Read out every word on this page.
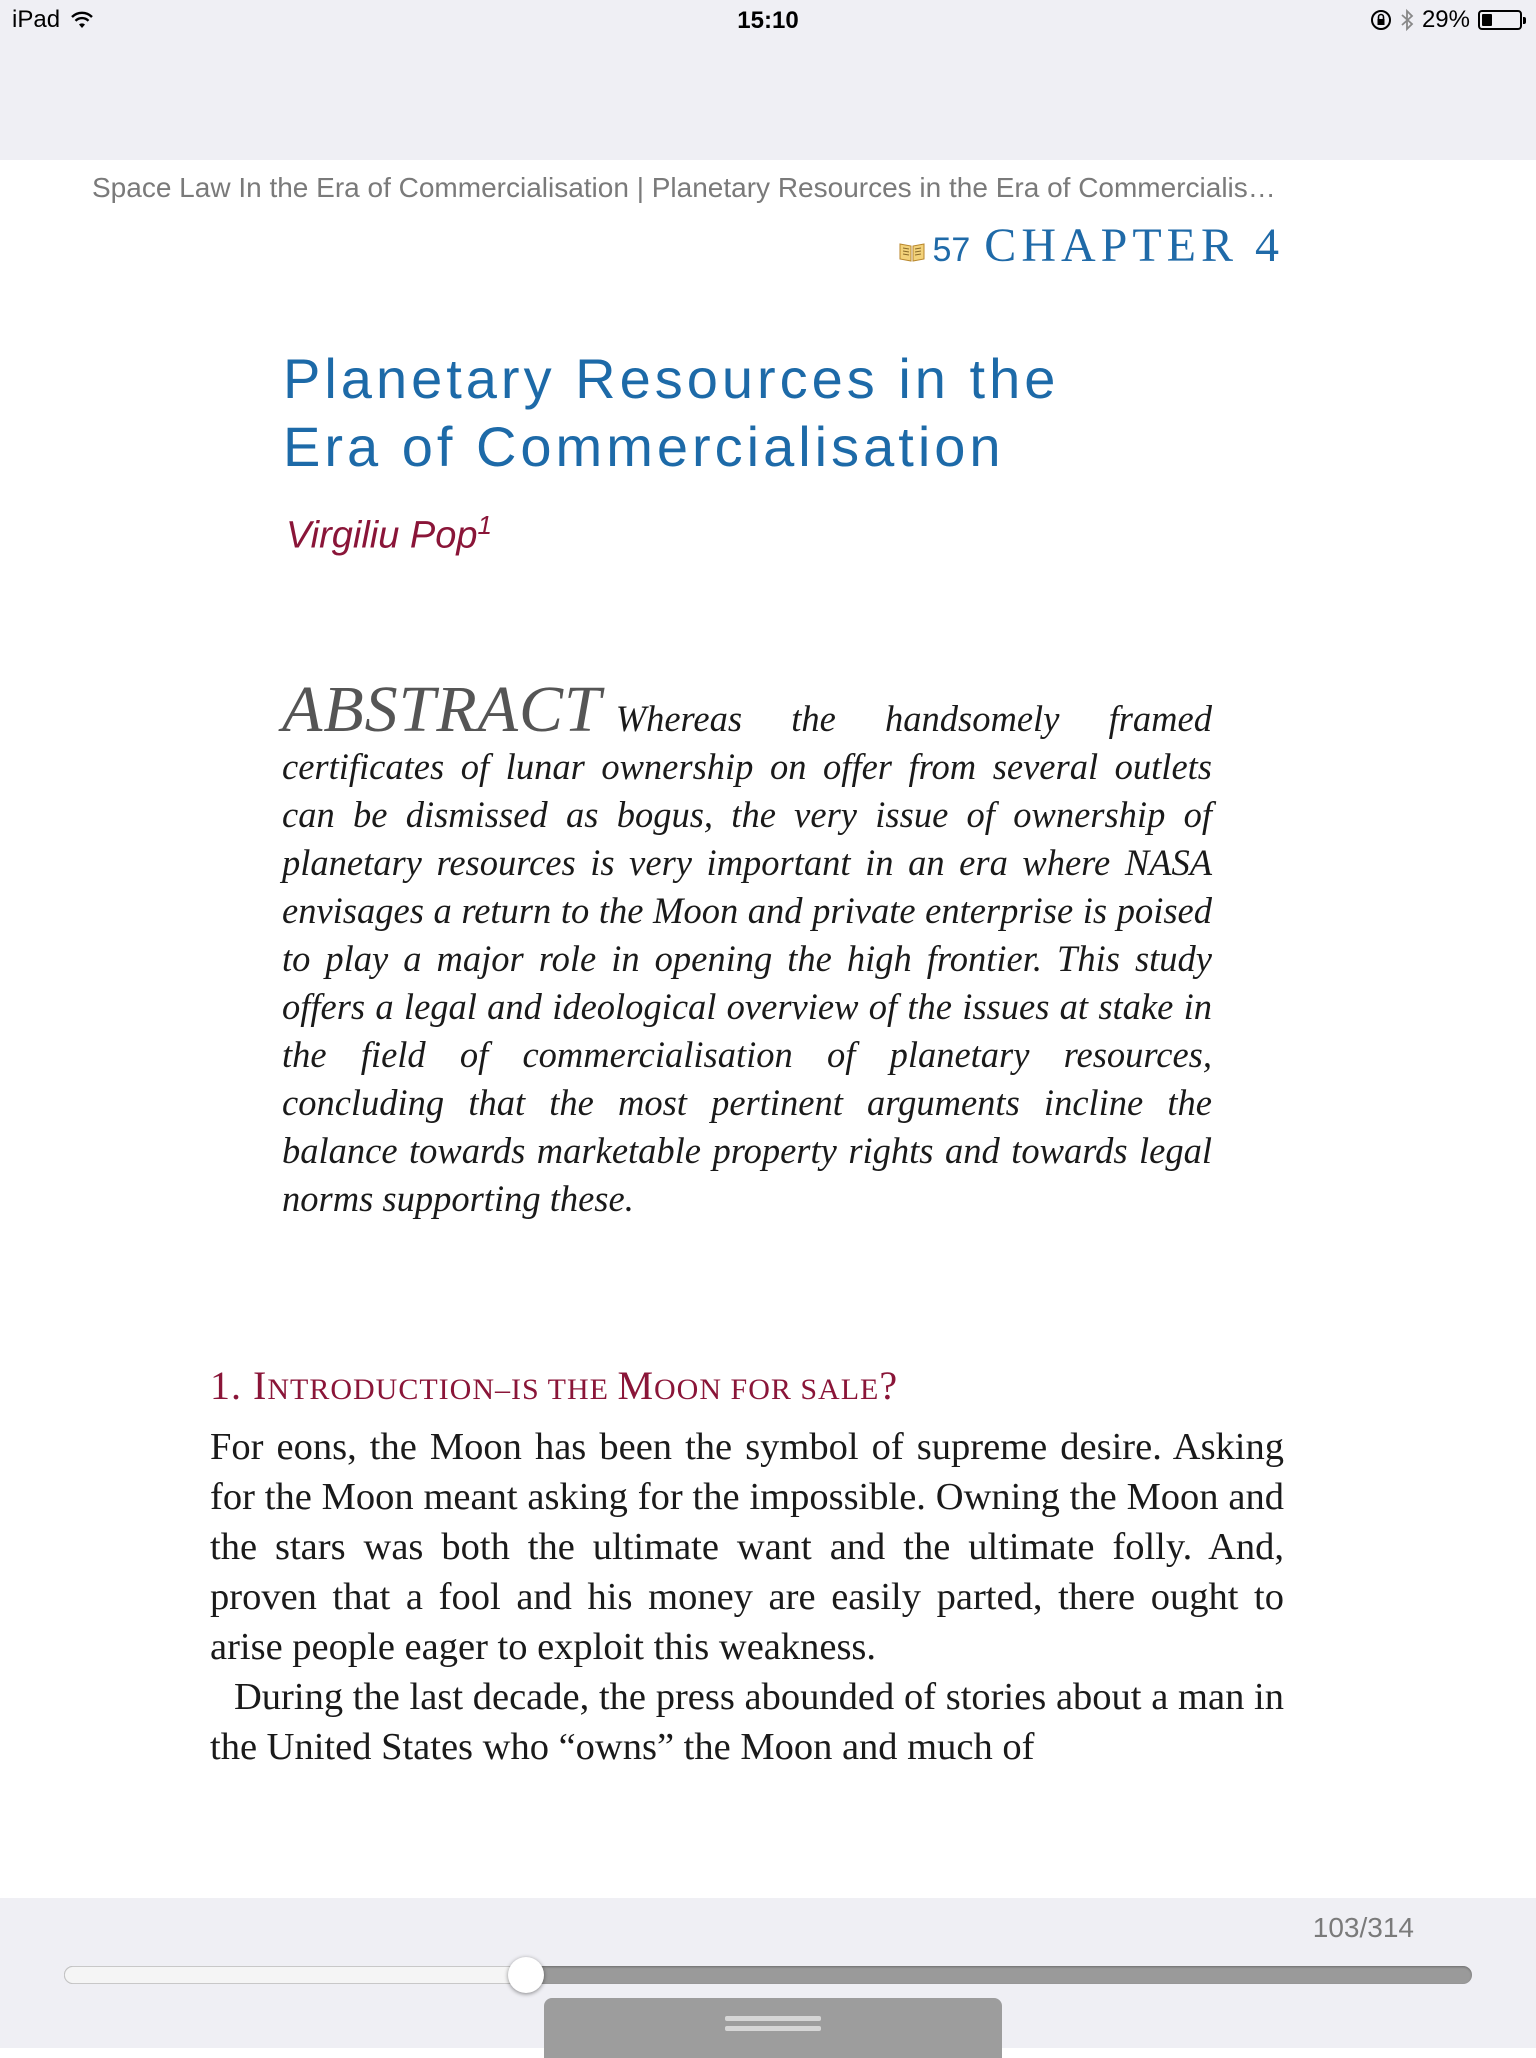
iPad	15:10	29%
Space Law In the Era of Commercialisation | Planetary Resources in the Era of Commercialis…
57 CHAPTER 4
Planetary Resources in the
Era of Commercialisation
Virgiliu Pop$^1$
ABSTRACT Whereas the handsomely framed certificates of lunar ownership on offer from several outlets can be dismissed as bogus, the very issue of ownership of planetary resources is very important in an era where NASA envisages a return to the Moon and private enterprise is poised to play a major role in opening the high frontier. This study offers a legal and ideological overview of the issues at stake in the field of commercialisation of planetary resources, concluding that the most pertinent arguments incline the balance towards marketable property rights and towards legal norms supporting these.
1. INTRODUCTION–IS THE MOON FOR SALE?

For eons, the Moon has been the symbol of supreme desire. Asking for the Moon meant asking for the impossible. Owning the Moon and the stars was both the ultimate want and the ultimate folly. And, proven that a fool and his money are easily parted, there ought to arise people eager to exploit this weakness.

During the last decade, the press abounded of stories about a man in the United States who “owns” the Moon and much of

103/314
